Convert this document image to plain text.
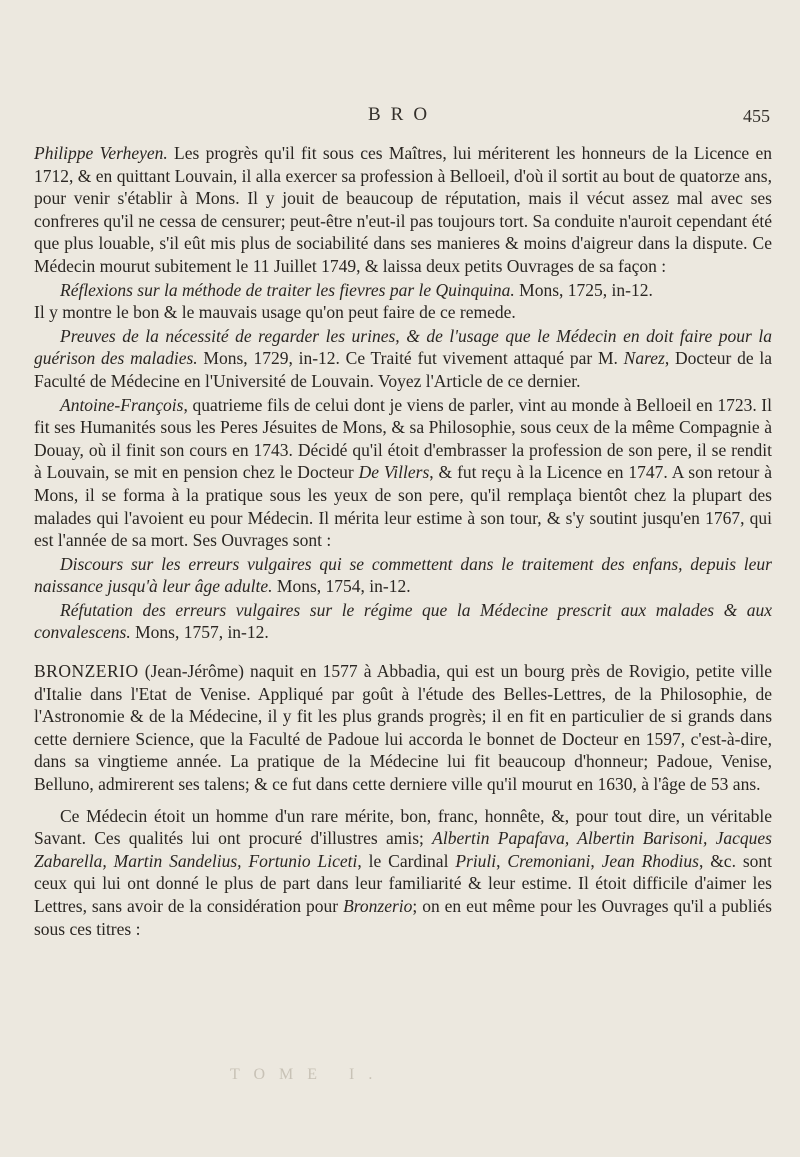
BRO	455

Philippe Verheyen. Les progrès qu'il fit sous ces Maîtres, lui mériterent les honneurs de la Licence en 1712, & en quittant Louvain, il alla exercer sa profession à Belloeil, d'où il sortit au bout de quatorze ans, pour venir s'établir à Mons. Il y jouit de beaucoup de réputation, mais il vécut assez mal avec ses confreres qu'il ne cessa de censurer; peut-être n'eut-il pas toujours tort. Sa conduite n'auroit cependant été que plus louable, s'il eût mis plus de sociabilité dans ses manieres & moins d'aigreur dans la dispute. Ce Médecin mourut subitement le 11 Juillet 1749, & laissa deux petits Ouvrages de sa façon :

Réflexions sur la méthode de traiter les fievres par le Quinquina. Mons, 1725, in-12.

Il y montre le bon & le mauvais usage qu'on peut faire de ce remede.

Preuves de la nécessité de regarder les urines, & de l'usage que le Médecin en doit faire pour la guérison des maladies. Mons, 1729, in-12. Ce Traité fut vivement attaqué par M. Narez, Docteur de la Faculté de Médecine en l'Université de Louvain. Voyez l'Article de ce dernier.

Antoine-François, quatrieme fils de celui dont je viens de parler, vint au monde à Belloeil en 1723. Il fit ses Humanités sous les Peres Jésuites de Mons, & sa Philosophie, sous ceux de la même Compagnie à Douay, où il finit son cours en 1743. Décidé qu'il étoit d'embrasser la profession de son pere, il se rendit à Louvain, se mit en pension chez le Docteur De Villers, & fut reçu à la Licence en 1747. A son retour à Mons, il se forma à la pratique sous les yeux de son pere, qu'il remplaça bientôt chez la plupart des malades qui l'avoient eu pour Médecin. Il mérita leur estime à son tour, & s'y soutint jusqu'en 1767, qui est l'année de sa mort. Ses Ouvrages sont :

Discours sur les erreurs vulgaires qui se commettent dans le traitement des enfans, depuis leur naissance jusqu'à leur âge adulte. Mons, 1754, in-12.

Réfutation des erreurs vulgaires sur le régime que la Médecine prescrit aux malades & aux convalescens. Mons, 1757, in-12.

BRONZERIO (Jean-Jérôme) naquit en 1577 à Abbadia, qui est un bourg près de Rovigio, petite ville d'Italie dans l'Etat de Venise. Appliqué par goût à l'étude des Belles-Lettres, de la Philosophie, de l'Astronomie & de la Médecine, il y fit les plus grands progrès; il en fit en particulier de si grands dans cette derniere Science, que la Faculté de Padoue lui accorda le bonnet de Docteur en 1597, c'est-à-dire, dans sa vingtieme année. La pratique de la Médecine lui fit beaucoup d'honneur; Padoue, Venise, Belluno, admirerent ses talens; & ce fut dans cette derniere ville qu'il mourut en 1630, à l'âge de 53 ans.

Ce Médecin étoit un homme d'un rare mérite, bon, franc, honnête, &, pour tout dire, un véritable Savant. Ces qualités lui ont procuré d'illustres amis; Albertin Papafava, Albertin Barisoni, Jacques Zabarella, Martin Sandelius, Fortunio Liceti, le Cardinal Priuli, Cremoniani, Jean Rhodius, &c. sont ceux qui lui ont donné le plus de part dans leur familiarité & leur estime. Il étoit difficile d'aimer les Lettres, sans avoir de la considération pour Bronzerio; on en eut même pour les Ouvrages qu'il a publiés sous ces titres :

TOME I.
